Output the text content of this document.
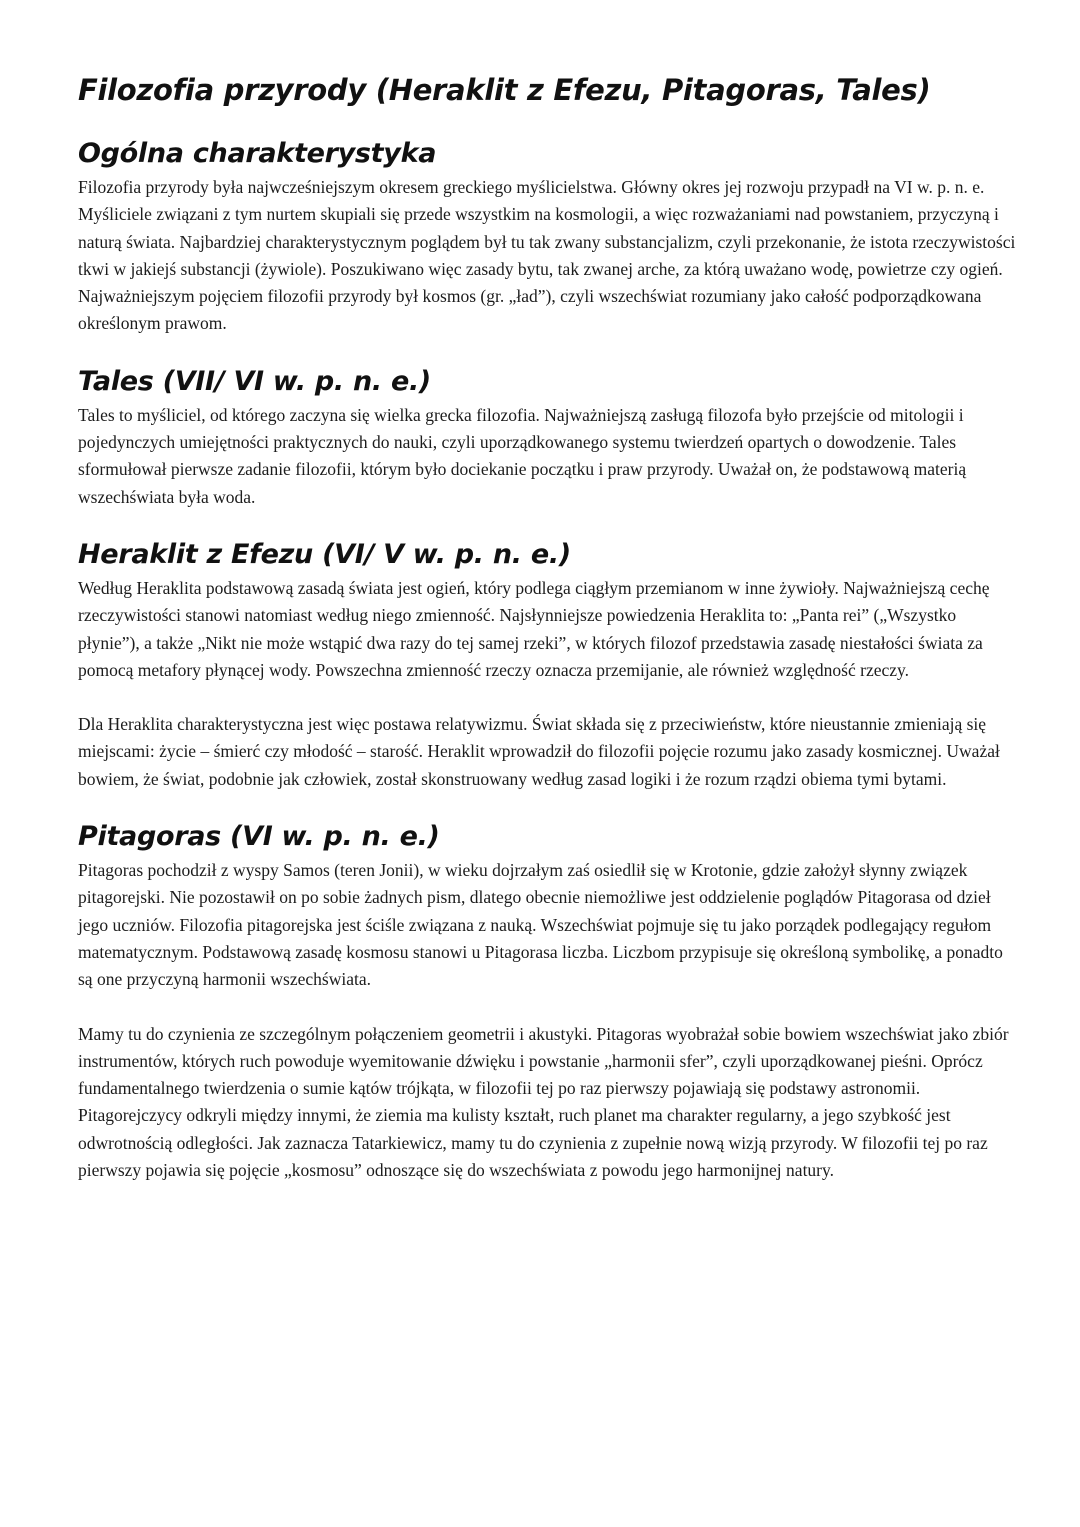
Filozofia przyrody (Heraklit z Efezu, Pitagoras, Tales)
Ogólna charakterystyka

Filozofia przyrody była najwcześniejszym okresem greckiego myślicielstwa. Główny okres jej rozwoju przypadł na VI w. p. n. e. Myśliciele związani z tym nurtem skupiali się przede wszystkim na kosmologii, a więc rozważaniami nad powstaniem, przyczyną i naturą świata. Najbardziej charakterystycznym poglądem był tu tak zwany substancjalizm, czyli przekonanie, że istota rzeczywistości tkwi w jakiejś substancji (żywiole). Poszukiwano więc zasady bytu, tak zwanej arche, za którą uważano wodę, powietrze czy ogień. Najważniejszym pojęciem filozofii przyrody był kosmos (gr. „ład”), czyli wszechświat rozumiany jako całość podporządkowana określonym prawom.

Tales (VII/ VI w. p. n. e.)

Tales to myśliciel, od którego zaczyna się wielka grecka filozofia. Najważniejszą zasługą filozofa było przejście od mitologii i pojedynczych umiejętności praktycznych do nauki, czyli uporządkowanego systemu twierdzeń opartych o dowodzenie. Tales sformułował pierwsze zadanie filozofii, którym było dociekanie początku i praw przyrody. Uważał on, że podstawową materią wszechświata była woda.

Heraklit z Efezu (VI/ V w. p. n. e.)

Według Heraklita podstawową zasadą świata jest ogień, który podlega ciągłym przemianom w inne żywioły. Najważniejszą cechę rzeczywistości stanowi natomiast według niego zmienność. Najsłynniejsze powiedzenia Heraklita to: „Panta rei” („Wszystko płynie”), a także „Nikt nie może wstąpić dwa razy do tej samej rzeki”, w których filozof przedstawia zasadę niestałości świata za pomocą metafory płynącej wody. Powszechna zmienność rzeczy oznacza przemijanie, ale również względność rzeczy.

Dla Heraklita charakterystyczna jest więc postawa relatywizmu. Świat składa się z przeciwieństw, które nieustannie zmieniają się miejscami: życie – śmierć czy młodość – starość. Heraklit wprowadził do filozofii pojęcie rozumu jako zasady kosmicznej. Uważał bowiem, że świat, podobnie jak człowiek, został skonstruowany według zasad logiki i że rozum rządzi obiema tymi bytami.

Pitagoras (VI w. p. n. e.)

Pitagoras pochodził z wyspy Samos (teren Jonii), w wieku dojrzałym zaś osiedlił się w Krotonie, gdzie założył słynny związek pitagorejski. Nie pozostawił on po sobie żadnych pism, dlatego obecnie niemożliwe jest oddzielenie poglądów Pitagorasa od dzieł jego uczniów. Filozofia pitagorejska jest ściśle związana z nauką. Wszechświat pojmuje się tu jako porządek podlegający regułom matematycznym. Podstawową zasadę kosmosu stanowi u Pitagorasa liczba. Liczbom przypisuje się określoną symbolikę, a ponadto są one przyczyną harmonii wszechświata.

Mamy tu do czynienia ze szczególnym połączeniem geometrii i akustyki. Pitagoras wyobrażał sobie bowiem wszechświat jako zbiór instrumentów, których ruch powoduje wyemitowanie dźwięku i powstanie „harmonii sfer”, czyli uporządkowanej pieśni. Oprócz fundamentalnego twierdzenia o sumie kątów trójkąta, w filozofii tej po raz pierwszy pojawiają się podstawy astronomii. Pitagorejczycy odkryli między innymi, że ziemia ma kulisty kształt, ruch planet ma charakter regularny, a jego szybkość jest odwrotnością odległości. Jak zaznacza Tatarkiewicz, mamy tu do czynienia z zupełnie nową wizją przyrody. W filozofii tej po raz pierwszy pojawia się pojęcie „kosmosu” odnoszące się do wszechświata z powodu jego harmonijnej natury.
